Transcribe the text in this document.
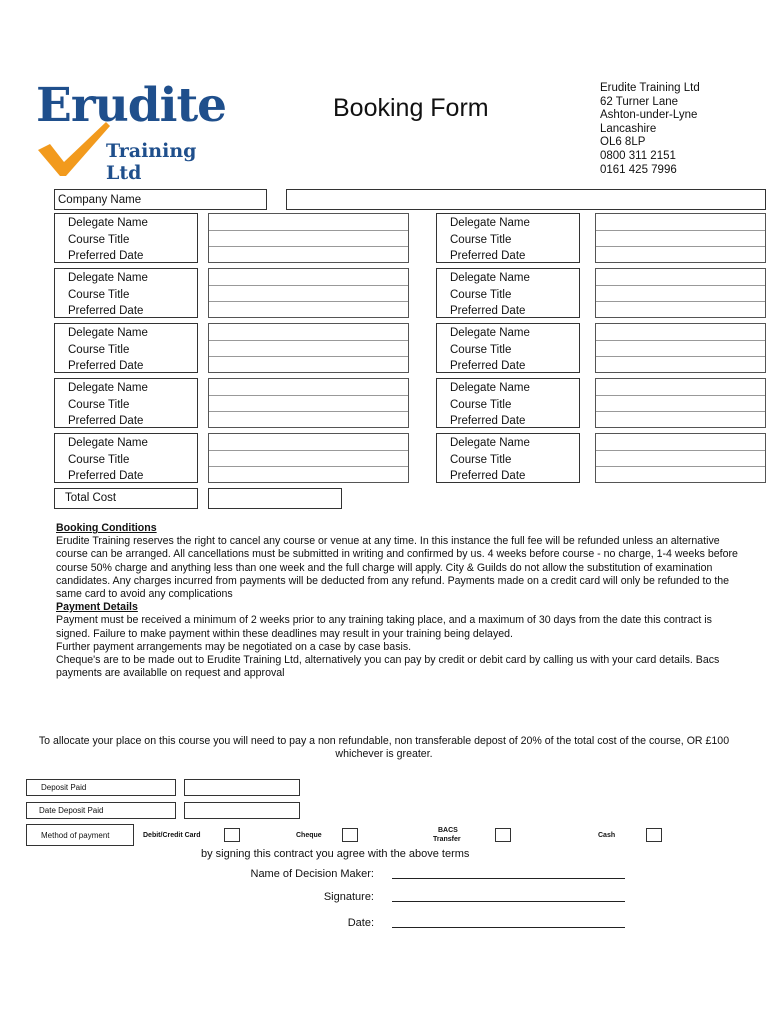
Erudite
Training Ltd
Booking Form
Erudite Training Ltd
62 Turner Lane
Ashton-under-Lyne
Lancashire
OL6 8LP
0800 311 2151
0161 425 7996
Company Name
Delegate Name
Course Title
Preferred Date
Delegate Name
Course Title
Preferred Date
Delegate Name
Course Title
Preferred Date
Delegate Name
Course Title
Preferred Date
Delegate Name
Course Title
Preferred Date
Delegate Name
Course Title
Preferred Date
Delegate Name
Course Title
Preferred Date
Delegate Name
Course Title
Preferred Date
Delegate Name
Course Title
Preferred Date
Delegate Name
Course Title
Preferred Date
Total Cost
Booking Conditions
Erudite Training reserves the right to cancel any course or venue at any time. In this instance the full fee will be refunded unless an alternative course can be arranged. All cancellations must be submitted in writing and confirmed by us. 4 weeks before course - no charge, 1-4 weeks before course 50% charge and anything less than one week and the full charge will apply. City & Guilds do not allow the substitution of examination candidates. Any charges incurred from payments will be deducted from any refund. Payments made on a credit card will only be refunded to the same card to avoid any complications
Payment Details
Payment must be received a minimum of 2 weeks prior to any training taking place, and a maximum of 30 days from the date this contract is signed. Failure to make payment within these deadlines may result in your training being delayed.
Further payment arrangements may be negotiated on a case by case basis.
Cheque's are to be made out to Erudite Training Ltd, alternatively you can pay by credit or debit card by calling us with your card details. Bacs payments are availablle on request and approval
To allocate your place on this course you will need to pay a non refundable, non transferable depost of 20% of the total cost of the course, OR £100 whichever is greater.
Deposit Paid
Date Deposit Paid
Method of payment	Debit/Credit Card	Cheque
BACS
Transfer
Cash
by signing this contract you agree with the above terms
Name of Decision Maker:
Signature:
Date:
